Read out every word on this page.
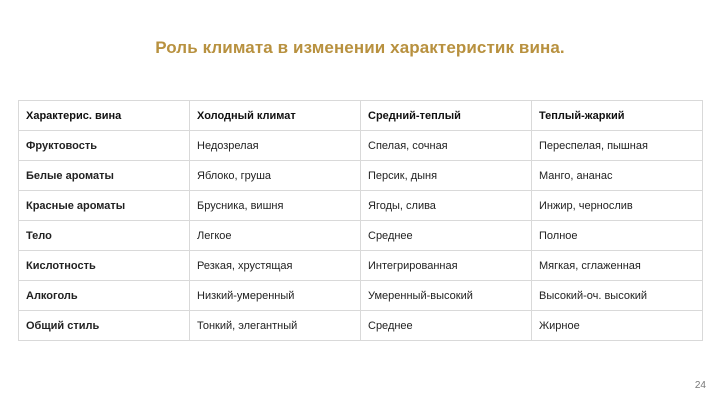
Роль климата в изменении характеристик вина.
Характерис. вина	Холодный климат	Средний-теплый	Теплый-жаркий
Фруктовость	Недозрелая	Спелая, сочная	Переспелая, пышная
Белые ароматы	Яблоко, груша	Персик, дыня	Манго, ананас
Красные ароматы	Брусника, вишня	Ягоды, слива	Инжир, чернослив
Тело	Легкое	Среднее	Полное
Кислотность	Резкая, хрустящая	Интегрированная	Мягкая, сглаженная
Алкоголь	Низкий-умеренный	Умеренный-высокий	Высокий-оч. высокий
Общий стиль	Тонкий, элегантный	Среднее	Жирное
24
